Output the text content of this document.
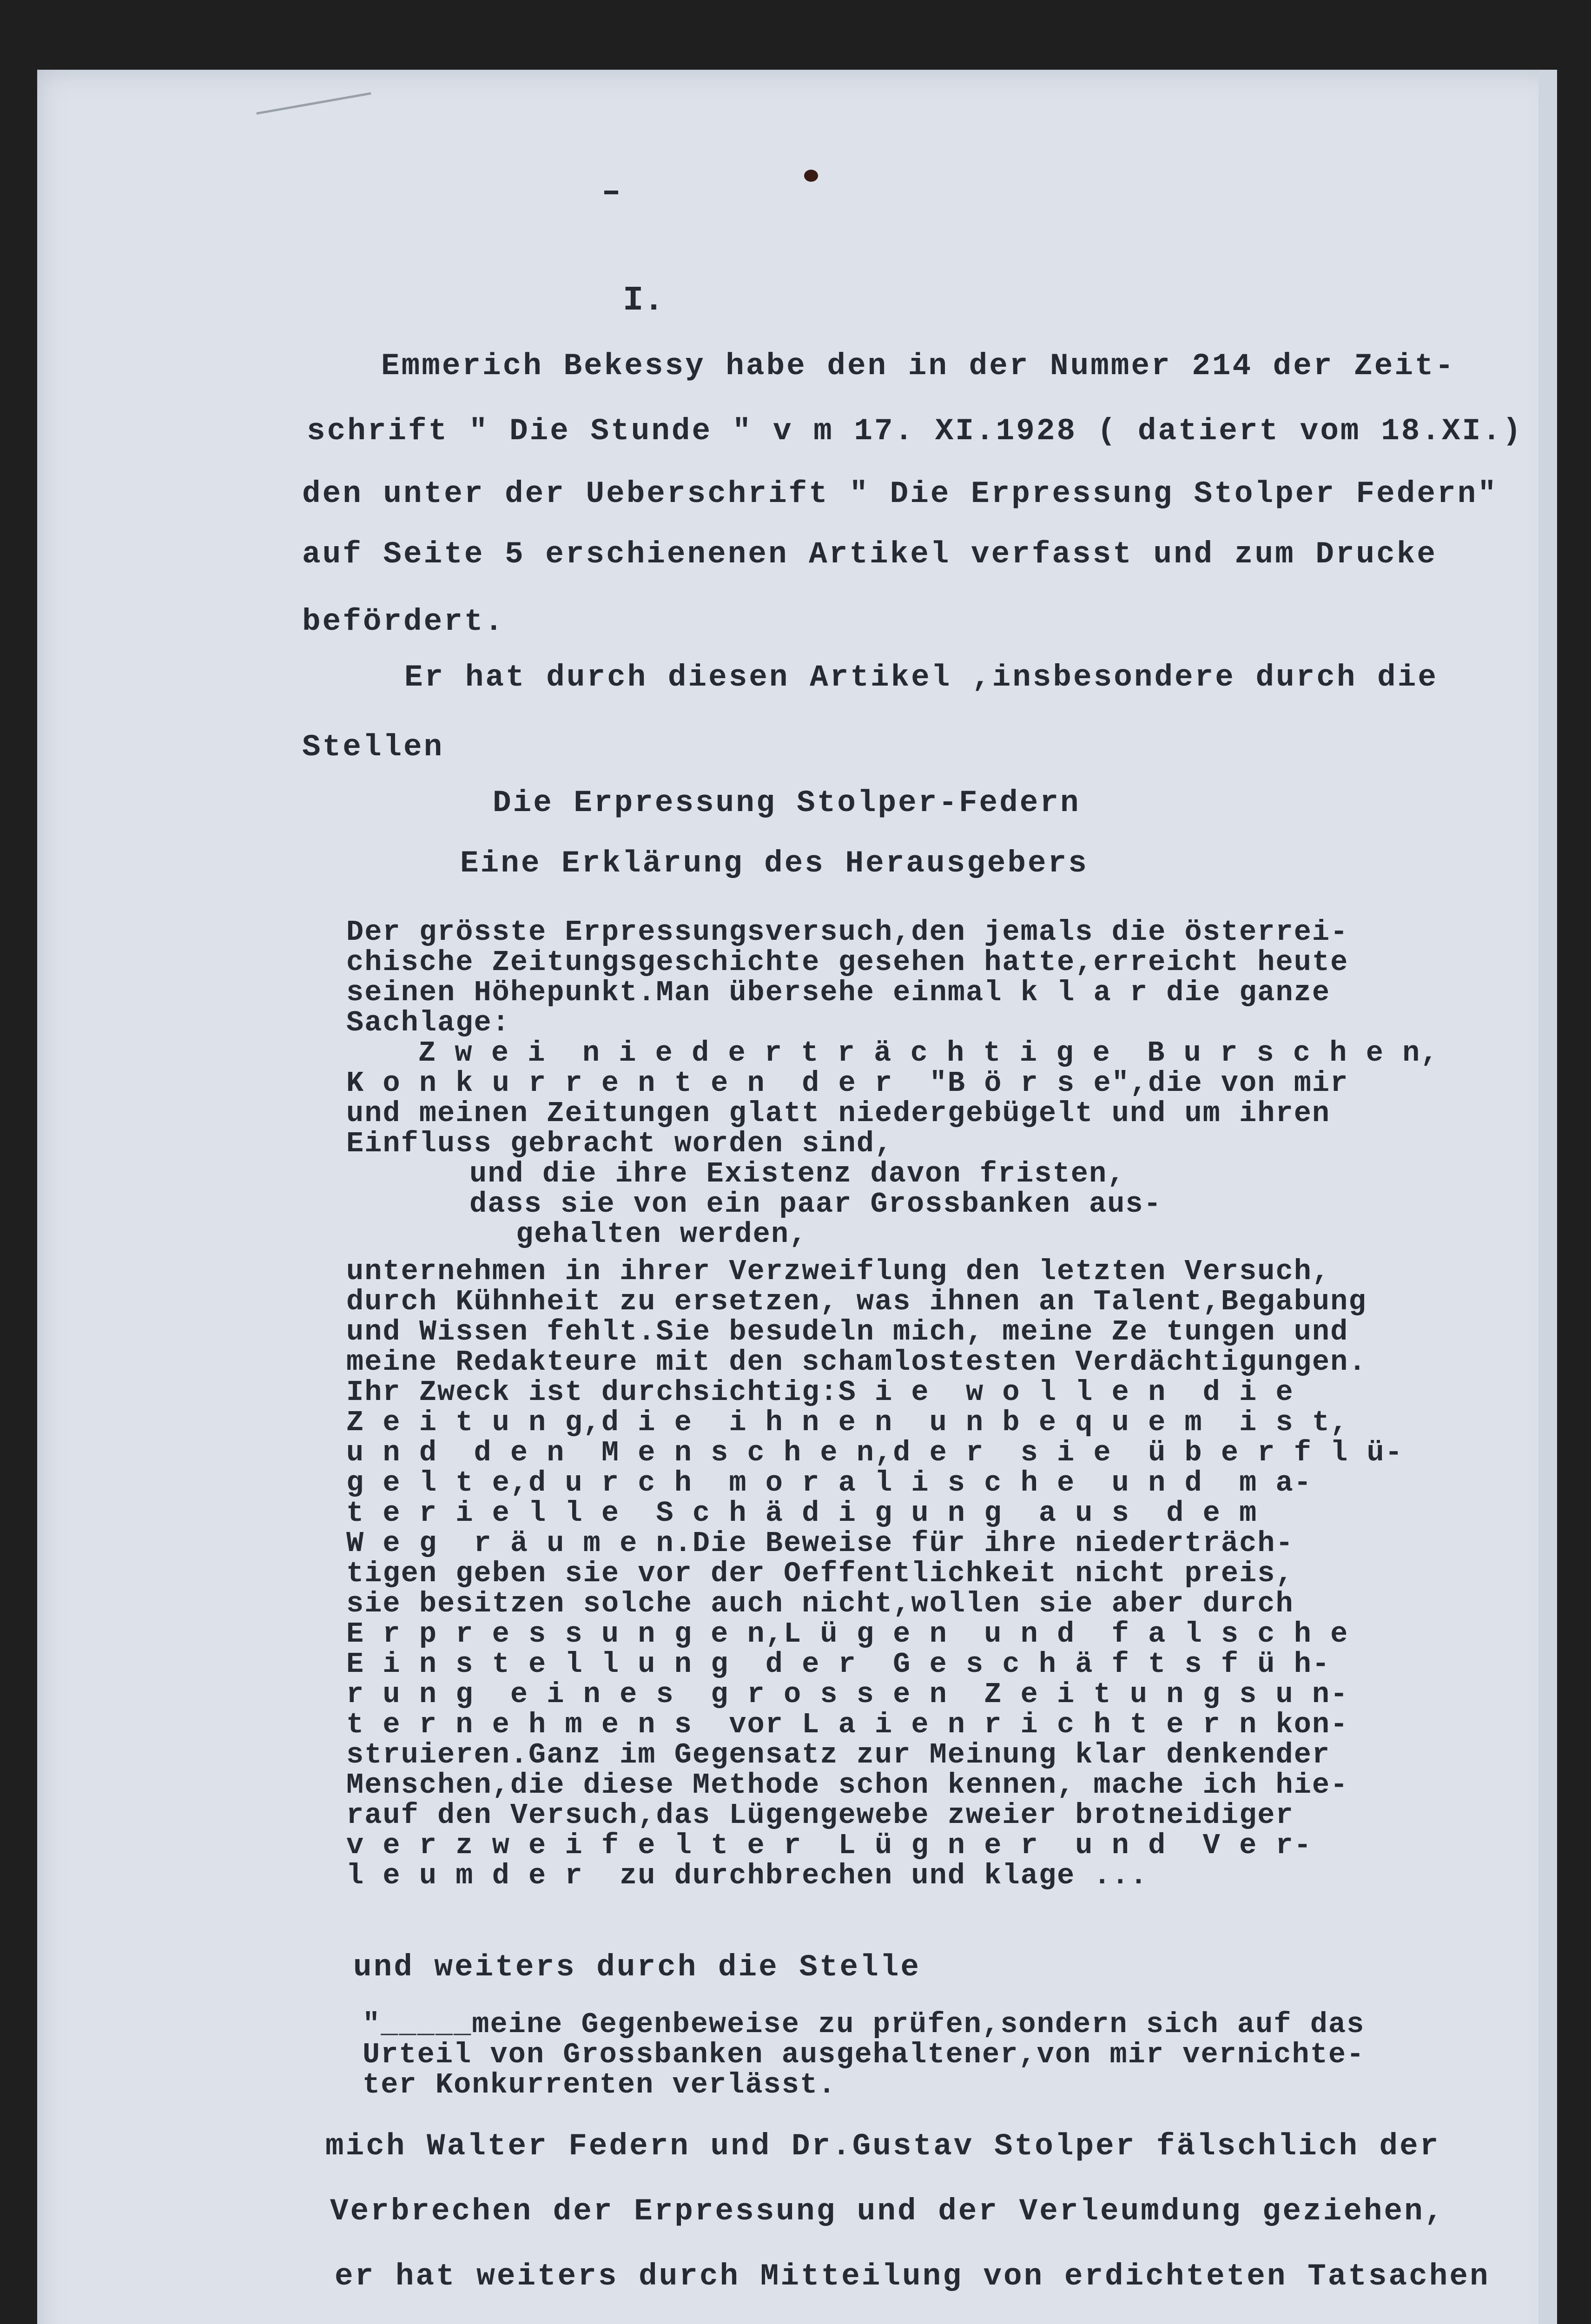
I.
Emmerich Bekessy habe den in der Nummer 214 der Zeit-
schrift " Die Stunde " v m 17. XI.1928 ( datiert vom 18.XI.)
den unter der Ueberschrift " Die Erpressung Stolper Federn"
auf Seite 5 erschienenen Artikel verfasst und zum Drucke
befördert.
Er hat durch diesen Artikel ,insbesondere durch die
Stellen
Die Erpressung Stolper-Federn
Eine Erklärung des Herausgebers
Der grösste Erpressungsversuch,den jemals die österrei-
chische Zeitungsgeschichte gesehen hatte,erreicht heute
seinen Höhepunkt.Man übersehe einmal k l a r die ganze
Sachlage:
Z w e i  n i e d e r t r ä c h t i g e  B u r s c h e n,
K o n k u r r e n t e n  d e r  "B ö r s e",die von mir
und meinen Zeitungen glatt niedergebügelt und um ihren
Einfluss gebracht worden sind,
und die ihre Existenz davon fristen,
dass sie von ein paar Grossbanken aus-
gehalten werden,
unternehmen in ihrer Verzweiflung den letzten Versuch,
durch Kühnheit zu ersetzen, was ihnen an Talent,Begabung
und Wissen fehlt.Sie besudeln mich, meine Ze tungen und
meine Redakteure mit den schamlostesten Verdächtigungen.
Ihr Zweck ist durchsichtig:S i e  w o l l e n  d i e
Z e i t u n g,d i e  i h n e n  u n b e q u e m  i s t,
u n d  d e n  M e n s c h e n,d e r  s i e  ü b e r f l ü-
g e l t e,d u r c h  m o r a l i s c h e  u n d  m a-
t e r i e l l e  S c h ä d i g u n g  a u s  d e m
W e g  r ä u m e n.Die Beweise für ihre niederträch-
tigen geben sie vor der Oeffentlichkeit nicht preis,
sie besitzen solche auch nicht,wollen sie aber durch
E r p r e s s u n g e n,L ü g e n  u n d  f a l s c h e
E i n s t e l l u n g  d e r  G e s c h ä f t s f ü h-
r u n g  e i n e s  g r o s s e n  Z e i t u n g s u n-
t e r n e h m e n s  vor L a i e n r i c h t e r n kon-
struieren.Ganz im Gegensatz zur Meinung klar denkender
Menschen,die diese Methode schon kennen, mache ich hie-
rauf den Versuch,das Lügengewebe zweier brotneidiger
v e r z w e i f e l t e r  L ü g n e r  u n d  V e r-
l e u m d e r  zu durchbrechen und klage ...
und weiters durch die Stelle
"_____meine Gegenbeweise zu prüfen,sondern sich auf das
Urteil von Grossbanken ausgehaltener,von mir vernichte-
ter Konkurrenten verlässt.
mich Walter Federn und Dr.Gustav Stolper fälschlich der
Verbrechen der Erpressung und der Verleumdung geziehen,
er hat weiters durch Mitteilung von erdichteten Tatsachen
